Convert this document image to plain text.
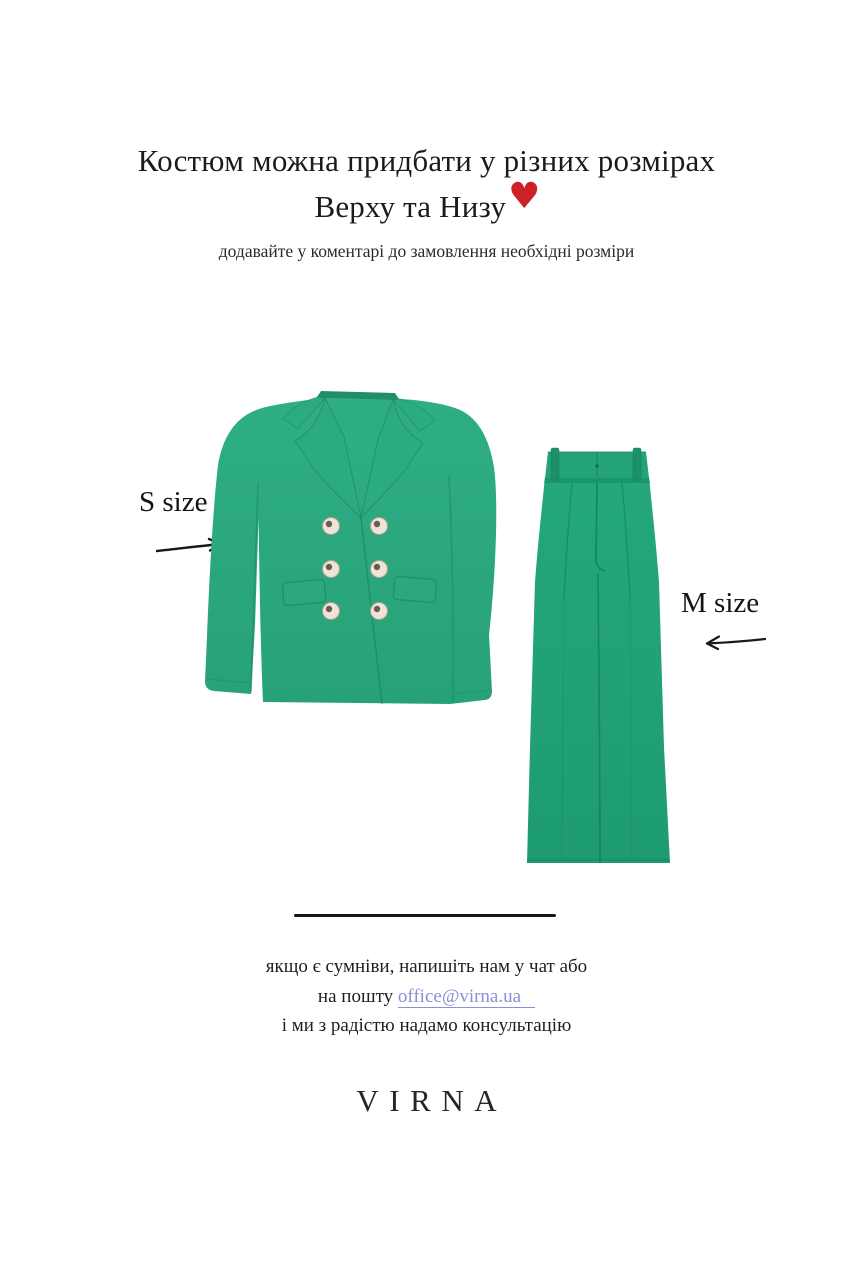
Костюм можна придбати у різних розмірах
Верху та Низу♥
додавайте у коментарі до замовлення необхідні розміри
S size
M size
якщо є сумніви, напишіть нам у чат або
на пошту office@virna.ua
і ми з радістю надамо консультацію
VIRNA
